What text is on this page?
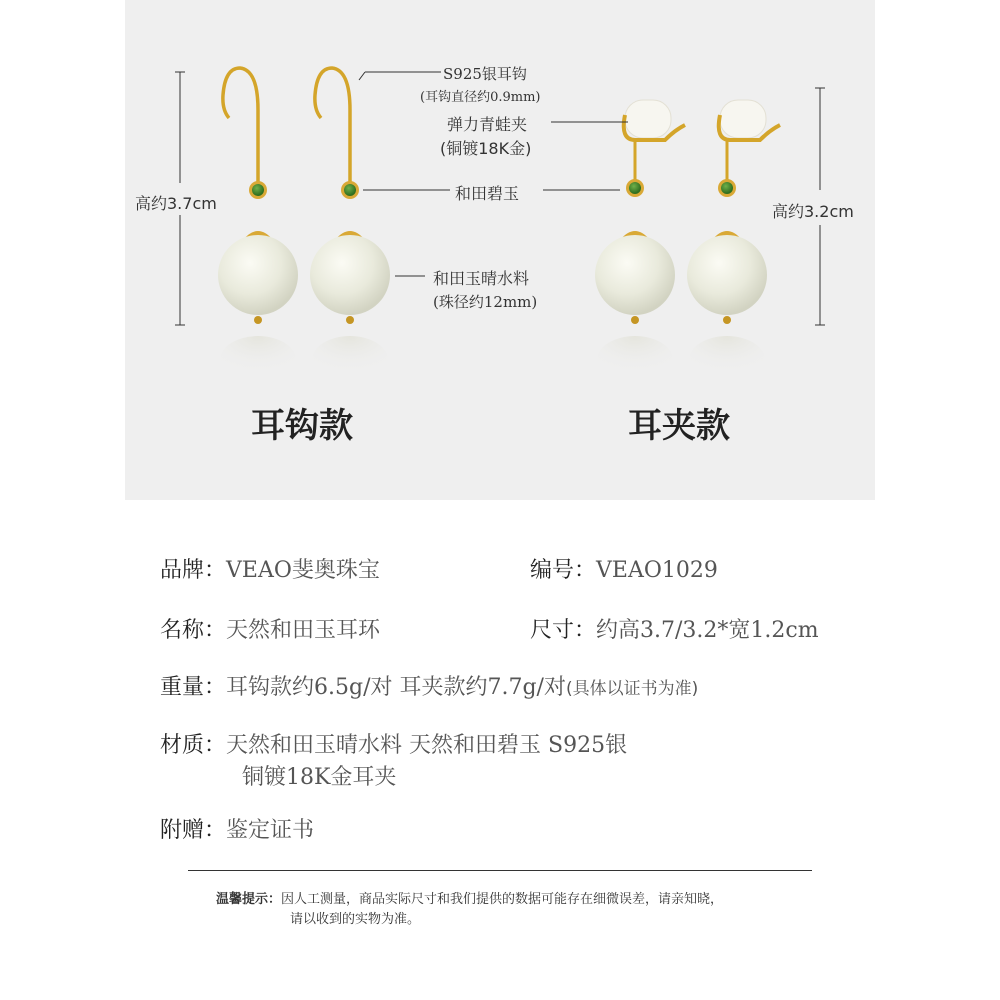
S925银耳钩
(耳钩直径约0.9mm)
弹力青蛙夹
(铜镀18K金)
和田碧玉
和田玉晴水料
(珠径约12mm)
高约3.7cm	高约3.2cm
耳钩款	耳夹款
品牌：VEAO斐奥珠宝	编号：VEAO1029
名称：天然和田玉耳环	尺寸：约高3.7/3.2*宽1.2cm
重量：耳钩款约6.5g/对 耳夹款约7.7g/对(具体以证书为准)
材质：天然和田玉晴水料 天然和田碧玉 S925银
铜镀18K金耳夹
附赠：鉴定证书
温馨提示：因人工测量，商品实际尺寸和我们提供的数据可能存在细微误差，请亲知晓，
请以收到的实物为准。
